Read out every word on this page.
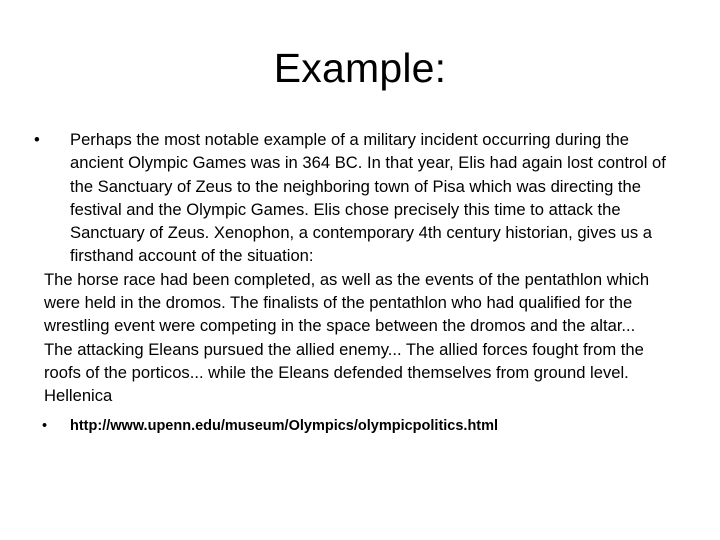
Example:
•	Perhaps the most notable example of a military incident occurring during the ancient Olympic Games was in 364 BC. In that year, Elis had again lost control of the Sanctuary of Zeus to the neighboring town of Pisa which was directing the festival and the Olympic Games. Elis chose precisely this time to attack the Sanctuary of Zeus. Xenophon, a contemporary 4th century historian, gives us a firsthand account of the situation:

The horse race had been completed, as well as the events of the pentathlon which were held in the dromos. The finalists of the pentathlon who had qualified for the wrestling event were competing in the space between the dromos and the altar...

The attacking Eleans pursued the allied enemy... The allied forces fought from the roofs of the porticos... while the Eleans defended themselves from ground level.

Hellenica

•	http://www.upenn.edu/museum/Olympics/olympicpolitics.html
